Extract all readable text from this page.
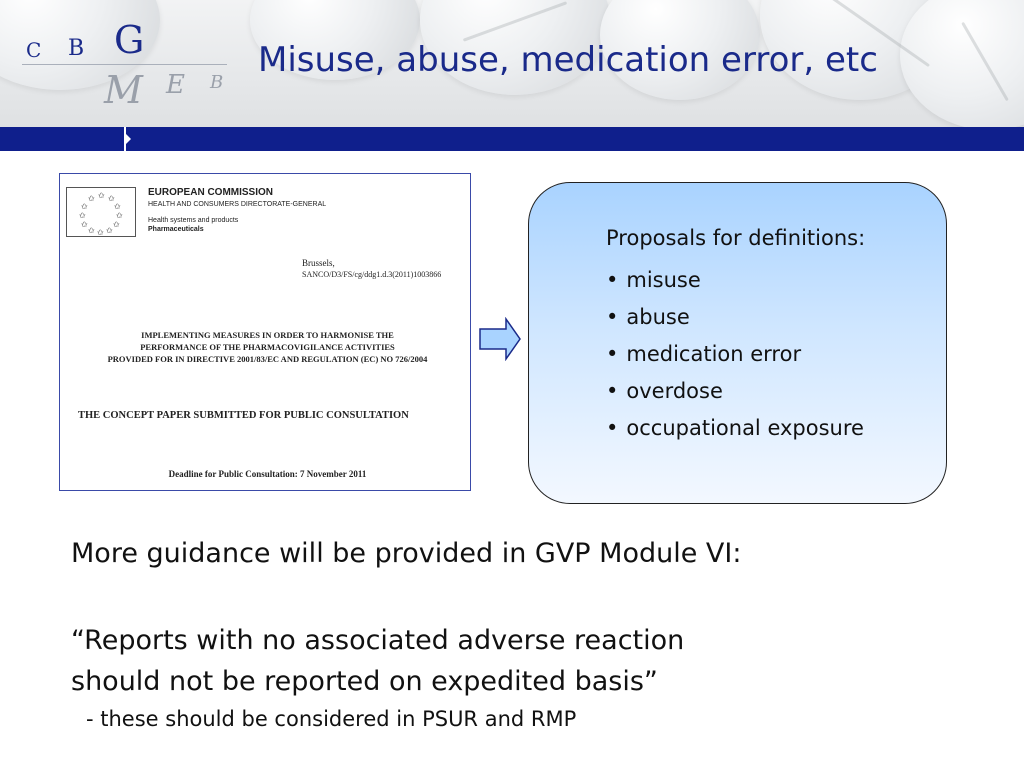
C B G
M E B
Misuse, abuse, medication error, etc
✩ ✩
✩
✩
✩
✩
✩
✩
✩
✩
✩
✩
EUROPEAN COMMISSION
HEALTH AND CONSUMERS DIRECTORATE-GENERAL
Health systems and products
Pharmaceuticals
Brussels,
SANCO/D3/FS/cg/ddg1.d.3(2011)1003866
IMPLEMENTING MEASURES IN ORDER TO HARMONISE THE
PERFORMANCE OF THE PHARMACOVIGILANCE ACTIVITIES
PROVIDED FOR IN DIRECTIVE 2001/83/EC AND REGULATION (EC) NO 726/2004
THE CONCEPT PAPER SUBMITTED FOR PUBLIC CONSULTATION
Deadline for Public Consultation: 7 November 2011
Proposals for definitions:
• misuse
• abuse
• medication error
• overdose
• occupational exposure
More guidance will be provided in GVP Module VI:
“Reports with no associated adverse reaction
should not be reported on expedited basis”
- these should be considered in PSUR and RMP
